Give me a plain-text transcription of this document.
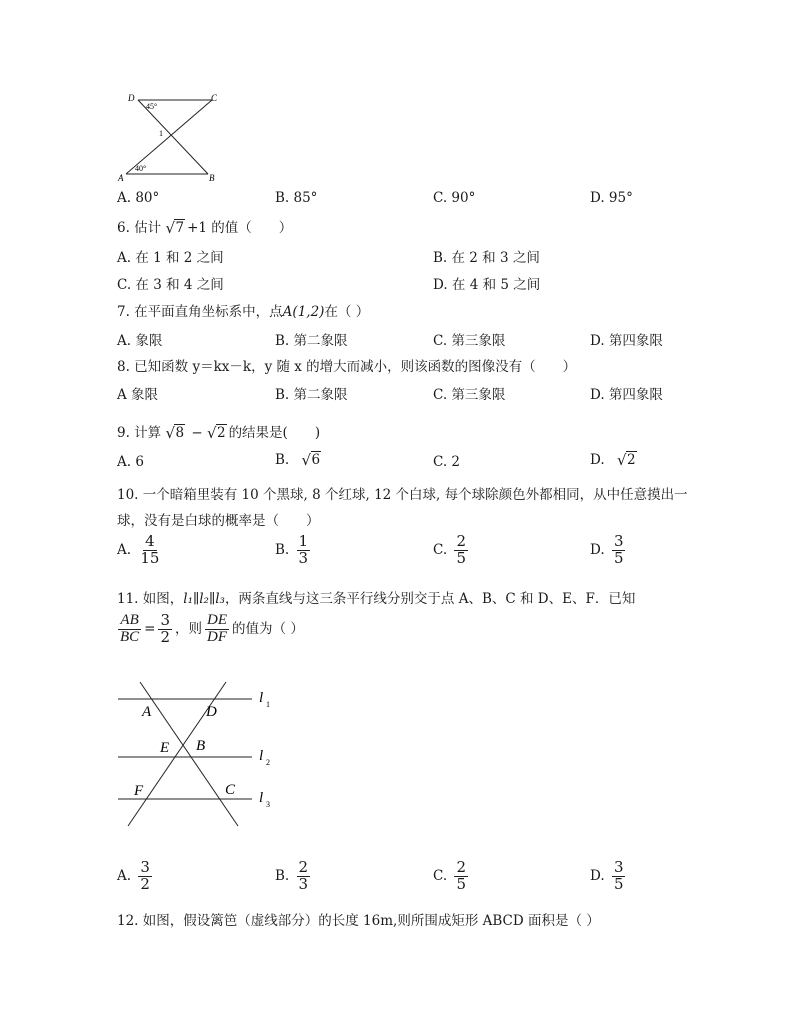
D	C
A	B
45°
40°
1
A. 80°	B. 85°	C. 90°	D. 95°
6. 估计 √ 7 +1 的值（　　）
A. 在 1 和 2 之间	B. 在 2 和 3 之间
C. 在 3 和 4 之间	D. 在 4 和 5 之间
7. 在平面直角坐标系中，点A(1,2)在（ ）
A. 象限	B. 第二象限	C. 第三象限	D. 第四象限
8. 已知函数 y＝kx－k，y 随 x 的增大而减小，则该函数的图像没有（　　）
A 象限	B. 第二象限	C. 第三象限	D. 第四象限
9. 计算 √ 8 − √ 2 的结果是(　　)
A. 6	B. √ 6	C. 2	D. √ 2
10. 一个暗箱里装有 10 个黑球, 8 个红球, 12 个白球, 每个球除颜色外都相同，从中任意摸出一
球，没有是白球的概率是（　　）
A. $\frac{4}{15}$	B. $\frac{1}{3}$	C. $\frac{2}{5}$	D. $\frac{3}{5}$
11. 如图，l₁∥l₂∥l₃，两条直线与这三条平行线分别交于点 A、B、C 和 D、E、F．已知
$\frac{AB}{BC} = \frac{3}{2}$ ，则 $\frac{DE}{DF}$ 的值为（ ）
A	D
E B
F	C
l 1
l 2
l 3
A. $\frac{3}{2}$	B. $\frac{2}{3}$	C. $\frac{2}{5}$	D. $\frac{3}{5}$
12. 如图，假设篱笆（虚线部分）的长度 16m,则所围成矩形 ABCD 面积是（ ）
